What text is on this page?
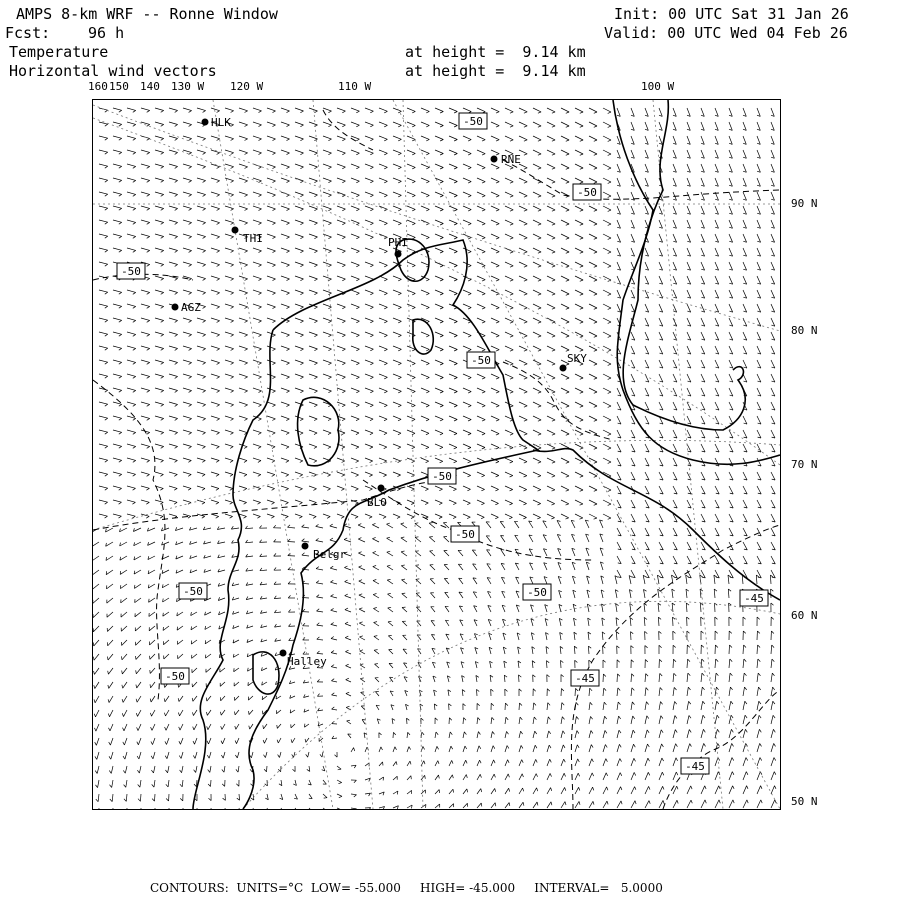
AMPS 8-km WRF -- Ronne Window
Fcst:	96 h
Init: 00 UTC Sat 31 Jan 26
Valid: 00 UTC Wed 04 Feb 26
Temperature
Horizontal wind vectors
at height =  9.14 km
at height =  9.14 km
160 150 140 130 W 120 W	110 W	100 W
90 N
80 N
70 N
60 N
50 N
-50
-50
-50
-50
-50
-50
-50
-50
-50
-45
-45
-45
HLK
RNE
THI	PHI
AGZ
SKY
BLO
Belgr
Halley
CONTOURS:  UNITS=°C LOW= -55.000 HIGH= -45.000 INTERVAL=   5.0000
